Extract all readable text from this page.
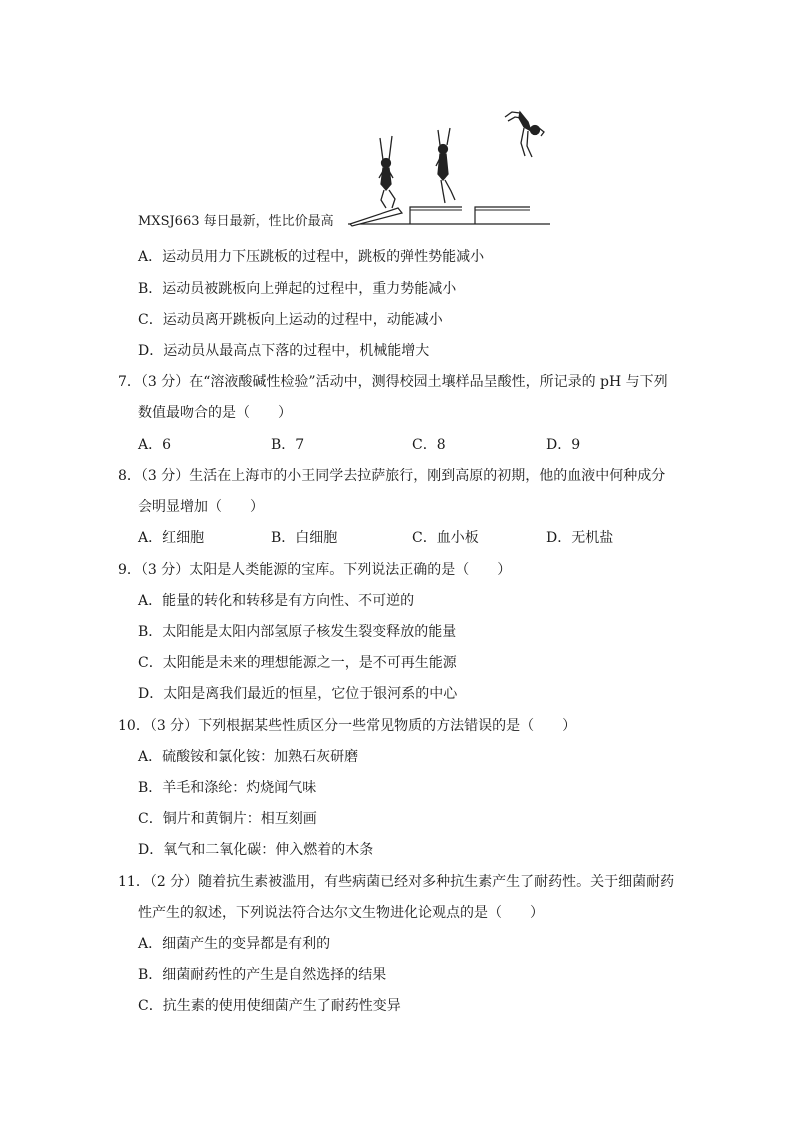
MXSJ663 每日最新，性比价最高
A．运动员用力下压跳板的过程中，跳板的弹性势能减小
B．运动员被跳板向上弹起的过程中，重力势能减小
C．运动员离开跳板向上运动的过程中，动能减小
D．运动员从最高点下落的过程中，机械能增大
7．（3 分）在“溶液酸碱性检验”活动中，测得校园土壤样品呈酸性，所记录的 pH 与下列
数值最吻合的是（　　）
A．6	B．7	C．8	D．9
8．（3 分）生活在上海市的小王同学去拉萨旅行，刚到高原的初期，他的血液中何种成分
会明显增加（　　）
A．红细胞	B．白细胞	C．血小板	D．无机盐
9．（3 分）太阳是人类能源的宝库。下列说法正确的是（　　）
A．能量的转化和转移是有方向性、不可逆的
B．太阳能是太阳内部氢原子核发生裂变释放的能量
C．太阳能是未来的理想能源之一，是不可再生能源
D．太阳是离我们最近的恒星，它位于银河系的中心
10．（3 分）下列根据某些性质区分一些常见物质的方法错误的是（　　）
A．硫酸铵和氯化铵：加熟石灰研磨
B．羊毛和涤纶：灼烧闻气味
C．铜片和黄铜片：相互刻画
D．氧气和二氧化碳：伸入燃着的木条
11．（2 分）随着抗生素被滥用，有些病菌已经对多种抗生素产生了耐药性。关于细菌耐药
性产生的叙述，下列说法符合达尔文生物进化论观点的是（　　）
A．细菌产生的变异都是有利的
B．细菌耐药性的产生是自然选择的结果
C．抗生素的使用使细菌产生了耐药性变异
